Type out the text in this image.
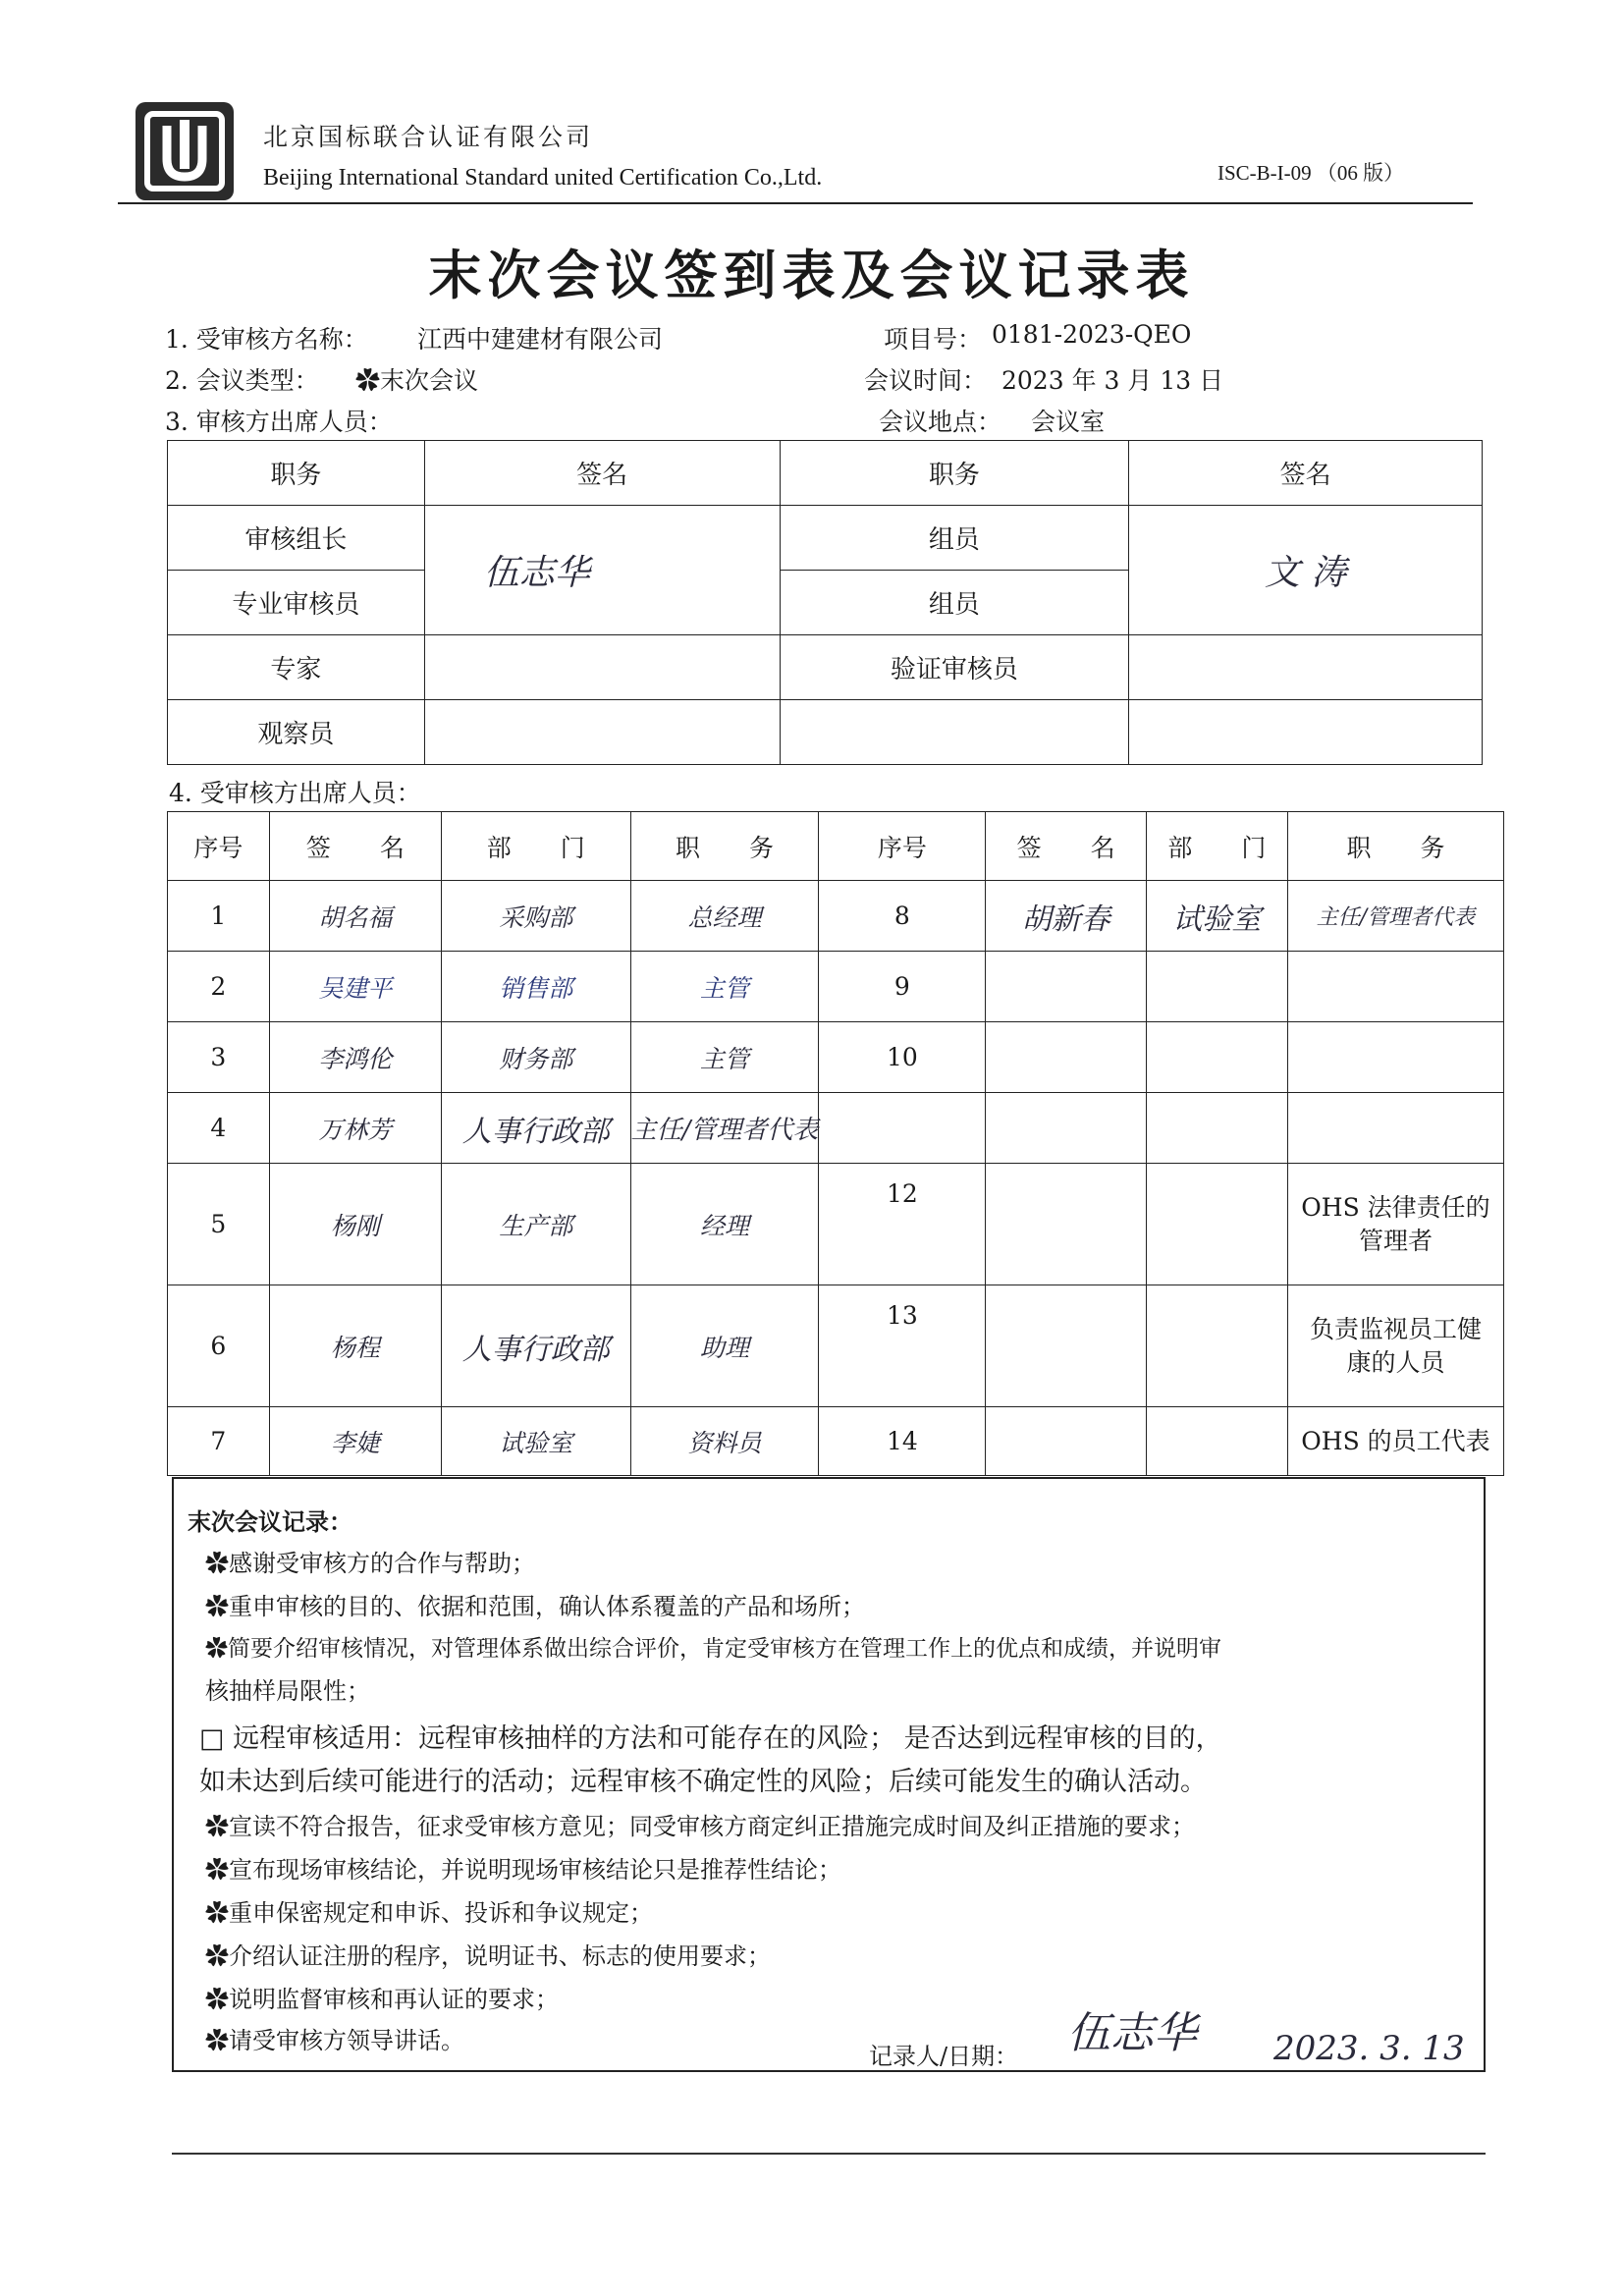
北京国标联合认证有限公司
Beijing International Standard united Certification Co.,Ltd.	ISC-B-I-09 （06 版）
末次会议签到表及会议记录表
1. 受审核方名称： 江西中建建材有限公司	项目号： 0181-2023-QEO
2. 会议类型： ✿末次会议	会议时间： 2023 年 3 月 13 日
3. 审核方出席人员：	会议地点： 会议室
职务	签名	职务	签名
审核组长	伍志华	组员	文 涛
专业审核员		组员	
专家		验证审核员	
观察员			
4. 受审核方出席人员：
序号	签　　名	部　　门	职　　务	序号	签　　名	部　　门	职　　务
1	胡名福	采购部	总经理	8	胡新春	试验室	主任/管理者代表
2	吴建平	销售部	主管	9			
3	李鸿伦	财务部	主管	10			
4	万林芳	人事行政部	主任/管理者代表				
5	杨刚	生产部	经理	12			OHS 法律责任的管理者
6	杨程	人事行政部	助理	13			负责监视员工健康的人员
7	李婕	试验室	资料员	14			OHS 的员工代表
末次会议记录：
✿感谢受审核方的合作与帮助；
✿重申审核的目的、依据和范围，确认体系覆盖的产品和场所；
✿简要介绍审核情况，对管理体系做出综合评价，肯定受审核方在管理工作上的优点和成绩，并说明审
核抽样局限性；
□ 远程审核适用：远程审核抽样的方法和可能存在的风险； 是否达到远程审核的目的，
如未达到后续可能进行的活动；远程审核不确定性的风险；后续可能发生的确认活动。
✿宣读不符合报告，征求受审核方意见；同受审核方商定纠正措施完成时间及纠正措施的要求；
✿宣布现场审核结论，并说明现场审核结论只是推荐性结论；
✿重申保密规定和申诉、投诉和争议规定；
✿介绍认证注册的程序，说明证书、标志的使用要求；
✿说明监督审核和再认证的要求；
✿请受审核方领导讲话。
记录人/日期： 伍志华 2023. 3. 13
